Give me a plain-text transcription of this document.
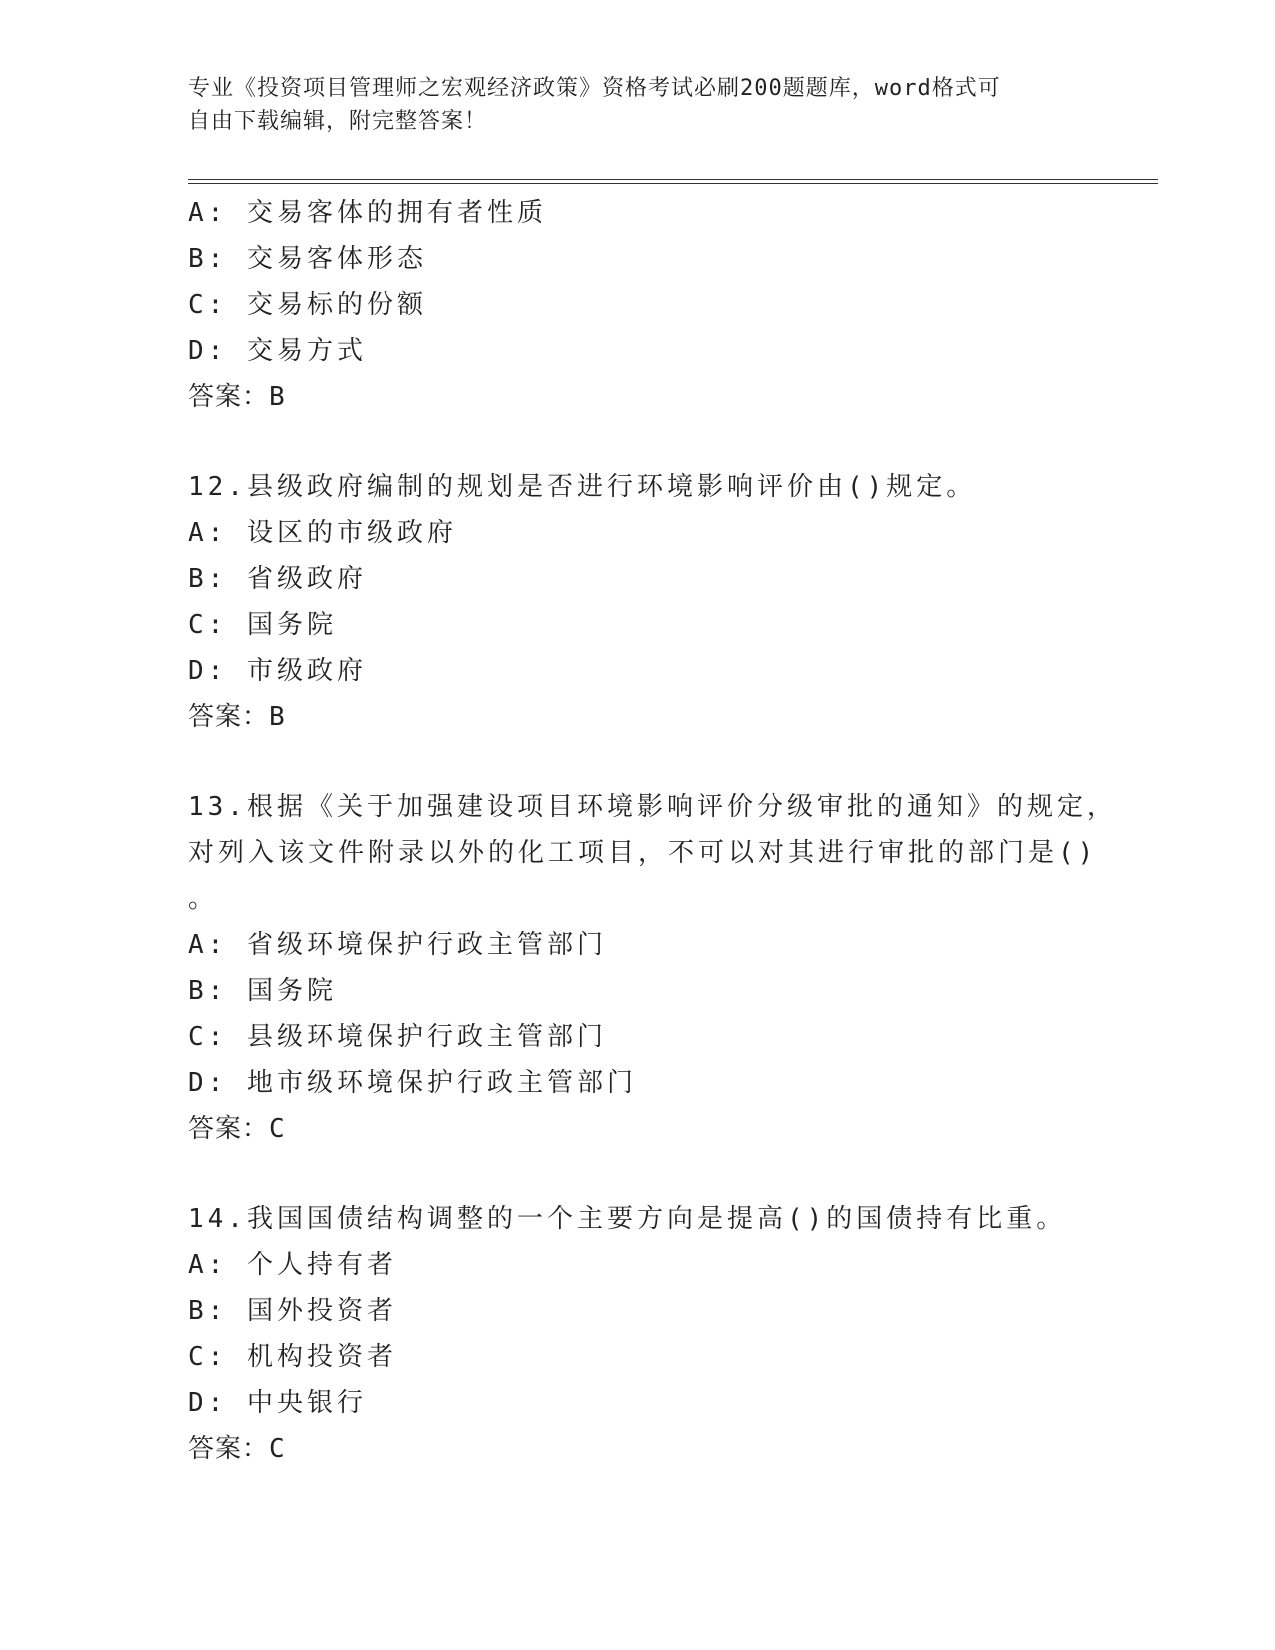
专业《投资项目管理师之宏观经济政策》资格考试必刷200题题库，word格式可
自由下载编辑，附完整答案！
A: 交易客体的拥有者性质
B: 交易客体形态
C: 交易标的份额
D: 交易方式
答案：B
12.县级政府编制的规划是否进行环境影响评价由()规定。
A: 设区的市级政府
B: 省级政府
C: 国务院
D: 市级政府
答案：B
13.根据《关于加强建设项目环境影响评价分级审批的通知》的规定，
对列入该文件附录以外的化工项目，不可以对其进行审批的部门是()
。
A: 省级环境保护行政主管部门
B: 国务院
C: 县级环境保护行政主管部门
D: 地市级环境保护行政主管部门
答案：C
14.我国国债结构调整的一个主要方向是提高()的国债持有比重。
A: 个人持有者
B: 国外投资者
C: 机构投资者
D: 中央银行
答案：C
